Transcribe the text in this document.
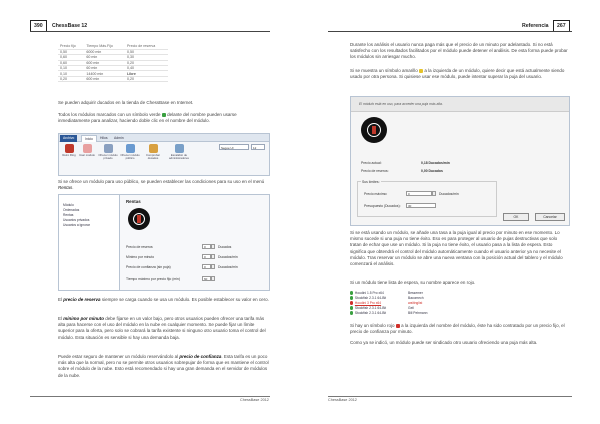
390	ChessBase 12
Precio fijo	Tiempo Más.Fijo	Precio de reserva
0,50	6000 min	0,50
0,60	60 min	0,30
0,60	600 min	0,20
0,10	60 min	0,40
0,10	14400 min	Libre
0,20	600 min	0,20
Se pueden adquirir ducados en la tienda de ChessBase en Internet.
Todos los módulos marcados con un símbolo verde delante del nombre pueden usarse inmediatamente para analizar, haciendo doble clic en el nombre del módulo.
Archivo	Inicio	Hilos	Admin
Retro Ring	Usar módulo	Ofrecer módulo privado
Ofrecer módulo público
Comprobar ducados
Escalafón de administradores
Segoe UI	12
Si se ofrece un módulo para uso público, se pueden establecer las condiciones para su uso en el menú Rentas.
Módulo
Ordenados
Rentas
Usuarios privados
Usuarios a ignorar
Rentas
Precio de reserva	0	Ducados
Mínimo por minuto	0	Ducados/min
Precio de confianza (sin puja)	0	Ducados/min
Tiempo máximo por precio fijo (min)	60
El precio de reserva siempre se carga cuando se usa un módulo. Es posible establecer su valor en cero.
El mínimo por minuto debe fijarse en un valor bajo, pero otros usuarios pueden ofrecer una tarifa más alta para hacerse con el uso del módulo en la nube en cualquier momento. Se puede fijar un límite superior para la oferta, pero solo se cobrará la tarifa existente si ninguno otro usuario toma el control del módulo. Esta situación es sensible si hay una demanda baja.
Puede estar seguro de mantener un módulo reservándolo al precio de confianza. Esta tarifa es un poco más alta que la normal, pero no se permite otros usuarios sobrepujar de forma que es mantiene el control sobre el módulo de la nube. Esto está recomendado si hay una gran demanda en el servidor de módulos de la nube.
ChessBase 2012
Referencia	267
Durante los análisis el usuario nunca paga más que el precio de un minuto por adelantado. Si no está satisfecho con los resultados facilitados por el módulo puede detener el análisis. De esta forma puede probar los módulos sin arriesgar mucho.
Si se muestra un símbolo amarillo a la izquierda de un módulo, quiere decir que está actualmente siendo usado por otra persona. Si quisiese usar ese módulo, puede intentar superar la puja del usuario.
El módulo está en uso, para acceder una puja más alta.
Precio actual:	0,18 Ducados/min
Precio de reserva:	0,00 Ducados
Sus límites:
Precio máximo:	0	Ducados/min
Presupuesto (Ducados):	30
OK	Cancelar
Si se está usando un módulo, se añade una tasa a la puja igual al precio por minuto en ese momento. Lo mismo sucede si una puja no tiene éxito. Eso es para proteger al usuario de pujas destructivas que solo tratan de echar que use un módulo. Si la puja no tiene éxito, el usuario pasa a la lista de espera. Esto significa que obtendrá el control del módulo automáticamente cuando el usuario anterior ya no necesite el módulo. Tras reservar un módulo se abre una nueva ventana con la posición actual del tablero y el módulo comenzará el análisis.
Si un módulo tiene lista de espera, su nombre aparece en rojo.
Houdini 1.5 Pro x64	Bessemer
Stockfish 2.3.1 64-Bit	Bacomech
Houdini 3 Pro x64	waitinglist
Stockfish 2.3.1 64-Bit	Geil
Stockfish 2.3.1 64-Bit	Bill Pehmann
Si hay un símbolo rojo a la izquierda del nombre del módulo, éste ha sido contratado por un precio fijo, el precio de confianza por minuto.
Como ya se indicó, un módulo puede ser sindicado otro usuario ofreciendo una puja más alta.
ChessBase 2012
